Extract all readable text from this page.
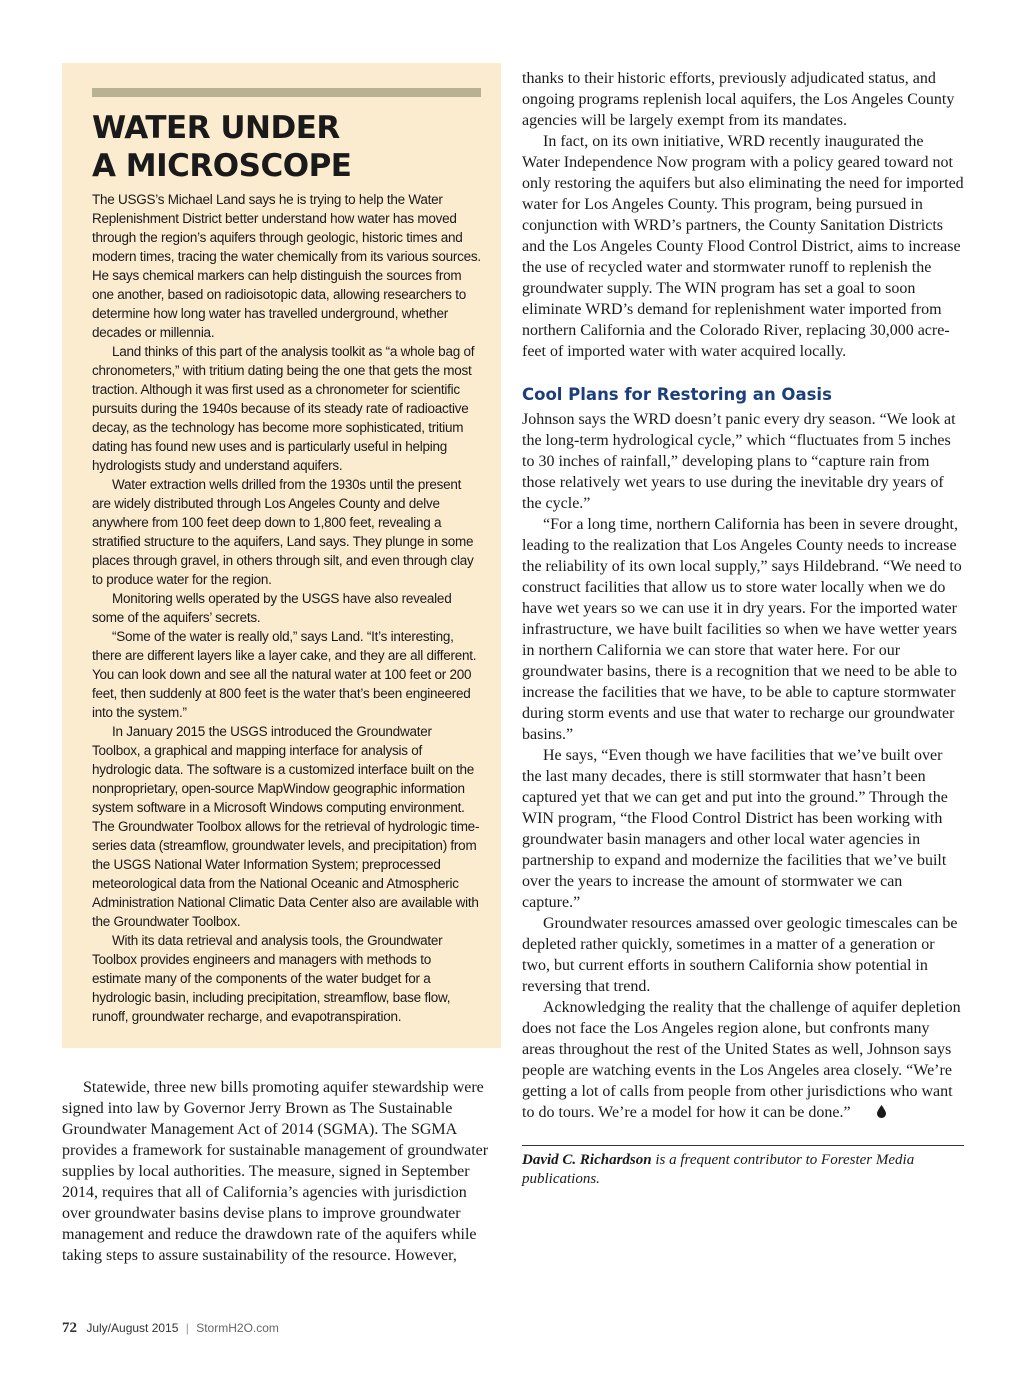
WATER UNDER
A MICROSCOPE

The USGS’s Michael Land says he is trying to help the Water Replenishment District better understand how water has moved through the region’s aquifers through geologic, historic times and modern times, tracing the water chemically from its various sources. He says chemical markers can help distinguish the sources from one another, based on radioisotopic data, allowing researchers to determine how long water has travelled underground, whether decades or millennia.

Land thinks of this part of the analysis toolkit as “a whole bag of chronometers,” with tritium dating being the one that gets the most traction. Although it was first used as a chronometer for scientific pursuits during the 1940s because of its steady rate of radioactive decay, as the technology has become more sophisticated, tritium dating has found new uses and is particularly useful in helping hydrologists study and understand aquifers.

Water extraction wells drilled from the 1930s until the present are widely distributed through Los Angeles County and delve anywhere from 100 feet deep down to 1,800 feet, revealing a stratified structure to the aquifers, Land says. They plunge in some places through gravel, in others through silt, and even through clay to produce water for the region.

Monitoring wells operated by the USGS have also revealed some of the aquifers’ secrets.

“Some of the water is really old,” says Land. “It’s interesting, there are different layers like a layer cake, and they are all different. You can look down and see all the natural water at 100 feet or 200 feet, then suddenly at 800 feet is the water that’s been engineered into the system.”

In January 2015 the USGS introduced the Groundwater Toolbox, a graphical and mapping interface for analysis of hydrologic data. The software is a customized interface built on the nonproprietary, open-source MapWindow geographic information system software in a Microsoft Windows computing environment. The Groundwater Toolbox allows for the retrieval of hydrologic time-series data (streamflow, groundwater levels, and precipitation) from the USGS National Water Information System; preprocessed meteorological data from the National Oceanic and Atmospheric Administration National Climatic Data Center also are available with the Groundwater Toolbox.

With its data retrieval and analysis tools, the Groundwater Toolbox provides engineers and managers with methods to estimate many of the components of the water budget for a hydrologic basin, including precipitation, streamflow, base flow, runoff, groundwater recharge, and evapotranspiration.

Statewide, three new bills promoting aquifer stewardship were signed into law by Governor Jerry Brown as The Sustainable Groundwater Management Act of 2014 (SGMA). The SGMA provides a framework for sustainable management of groundwater supplies by local authorities. The measure, signed in September 2014, requires that all of California’s agencies with jurisdiction over groundwater basins devise plans to improve groundwater management and reduce the drawdown rate of the aquifers while taking steps to assure sustainability of the resource. However,

thanks to their historic efforts, previously adjudicated status, and ongoing programs replenish local aquifers, the Los Angeles County agencies will be largely exempt from its mandates.

In fact, on its own initiative, WRD recently inaugurated the Water Independence Now program with a policy geared toward not only restoring the aquifers but also eliminating the need for imported water for Los Angeles County. This program, being pursued in conjunction with WRD’s partners, the County Sanitation Districts and the Los Angeles County Flood Control District, aims to increase the use of recycled water and stormwater runoff to replenish the groundwater supply. The WIN program has set a goal to soon eliminate WRD’s demand for replenishment water imported from northern California and the Colorado River, replacing 30,000 acre-feet of imported water with water acquired locally.

Cool Plans for Restoring an Oasis

Johnson says the WRD doesn’t panic every dry season. “We look at the long-term hydrological cycle,” which “fluctuates from 5 inches to 30 inches of rainfall,” developing plans to “capture rain from those relatively wet years to use during the inevitable dry years of the cycle.”

“For a long time, northern California has been in severe drought, leading to the realization that Los Angeles County needs to increase the reliability of its own local supply,” says Hildebrand. “We need to construct facilities that allow us to store water locally when we do have wet years so we can use it in dry years. For the imported water infrastructure, we have built facilities so when we have wetter years in northern California we can store that water here. For our groundwater basins, there is a recognition that we need to be able to increase the facilities that we have, to be able to capture stormwater during storm events and use that water to recharge our groundwater basins.”

He says, “Even though we have facilities that we’ve built over the last many decades, there is still stormwater that hasn’t been captured yet that we can get and put into the ground.” Through the WIN program, “the Flood Control District has been working with groundwater basin managers and other local water agencies in partnership to expand and modernize the facilities that we’ve built over the years to increase the amount of stormwater we can capture.”

Groundwater resources amassed over geologic timescales can be depleted rather quickly, sometimes in a matter of a generation or two, but current efforts in southern California show potential in reversing that trend.

Acknowledging the reality that the challenge of aquifer depletion does not face the Los Angeles region alone, but confronts many areas throughout the rest of the United States as well, Johnson says people are watching events in the Los Angeles area closely. “We’re getting a lot of calls from people from other jurisdictions who want to do tours. We’re a model for how it can be done.”

David C. Richardson is a frequent contributor to Forester Media publications.
72 July/August 2015 | StormH2O.com
